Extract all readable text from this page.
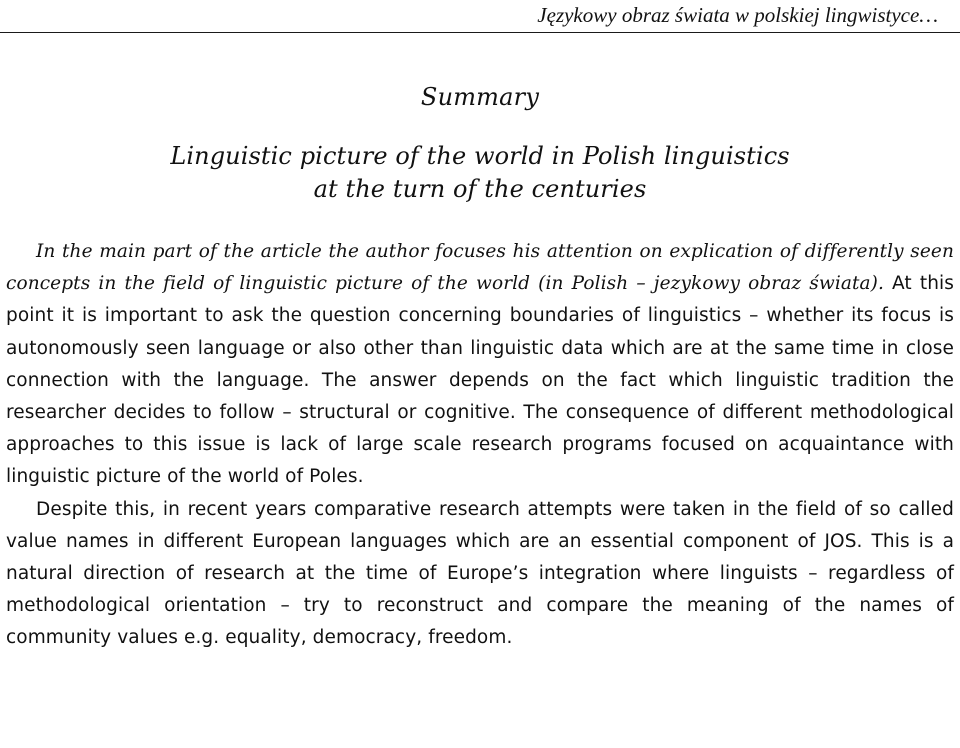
Językowy obraz świata w polskiej lingwistyce…
Summary
Linguistic picture of the world in Polish linguistics
at the turn of the centuries

In the main part of the article the author focuses his attention on explication of differently seen concepts in the field of linguistic picture of the world (in Polish – jezykowy obraz świata). At this point it is important to ask the question concerning boundaries of linguistics – whether its focus is autonomously seen language or also other than linguistic data which are at the same time in close connection with the language. The answer depends on the fact which linguistic tradition the researcher decides to follow – structural or cognitive. The consequence of different methodological approaches to this issue is lack of large scale research programs focused on acquaintance with linguistic picture of the world of Poles.

Despite this, in recent years comparative research attempts were taken in the field of so called value names in different European languages which are an essential component of JOS. This is a natural direction of research at the time of Europe’s integration where linguists – regardless of methodological orientation – try to reconstruct and compare the meaning of the names of community values e.g. equality, democracy, freedom.
